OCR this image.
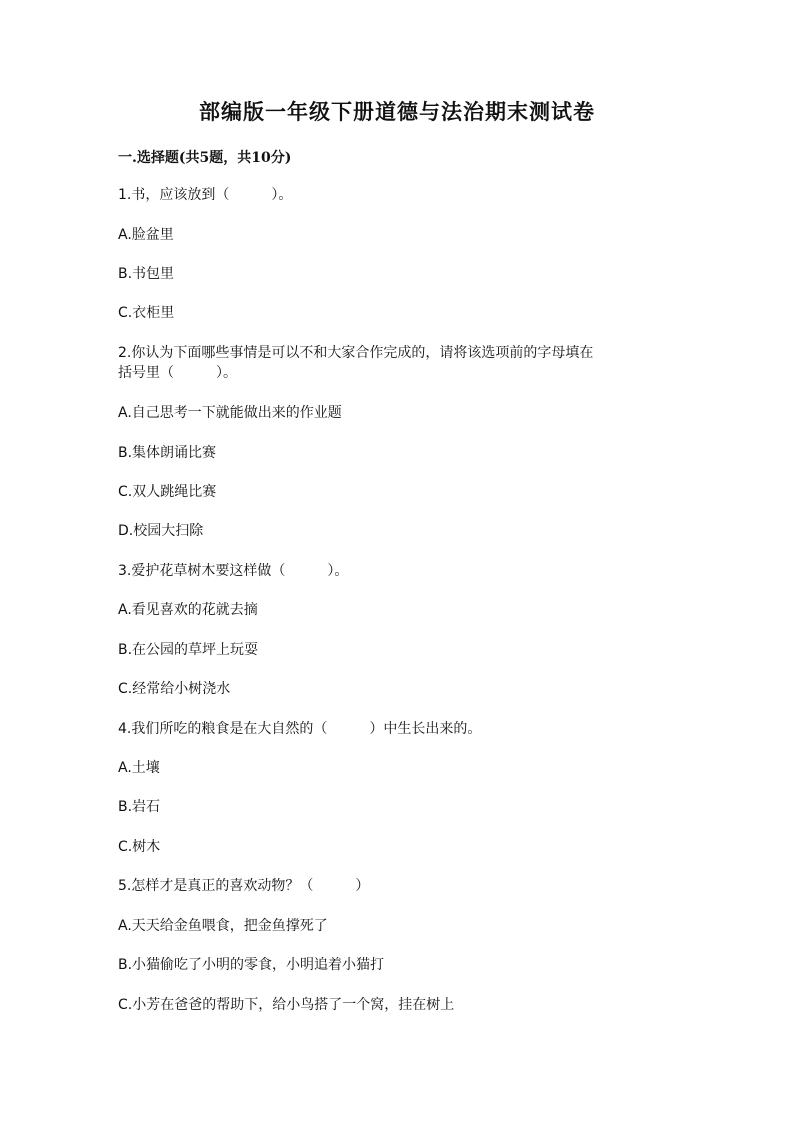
部编版一年级下册道德与法治期末测试卷
一.选择题(共5题，共10分)
1.书，应该放到（　　　）。
A.脸盆里
B.书包里
C.衣柜里
2.你认为下面哪些事情是可以不和大家合作完成的，请将该选项前的字母填在
括号里（　　　）。
A.自己思考一下就能做出来的作业题
B.集体朗诵比赛
C.双人跳绳比赛
D.校园大扫除
3.爱护花草树木要这样做（　　　）。
A.看见喜欢的花就去摘
B.在公园的草坪上玩耍
C.经常给小树浇水
4.我们所吃的粮食是在大自然的（　　　）中生长出来的。
A.土壤
B.岩石
C.树木
5.怎样才是真正的喜欢动物？（　　　）
A.天天给金鱼喂食，把金鱼撑死了
B.小猫偷吃了小明的零食，小明追着小猫打
C.小芳在爸爸的帮助下，给小鸟搭了一个窝，挂在树上
